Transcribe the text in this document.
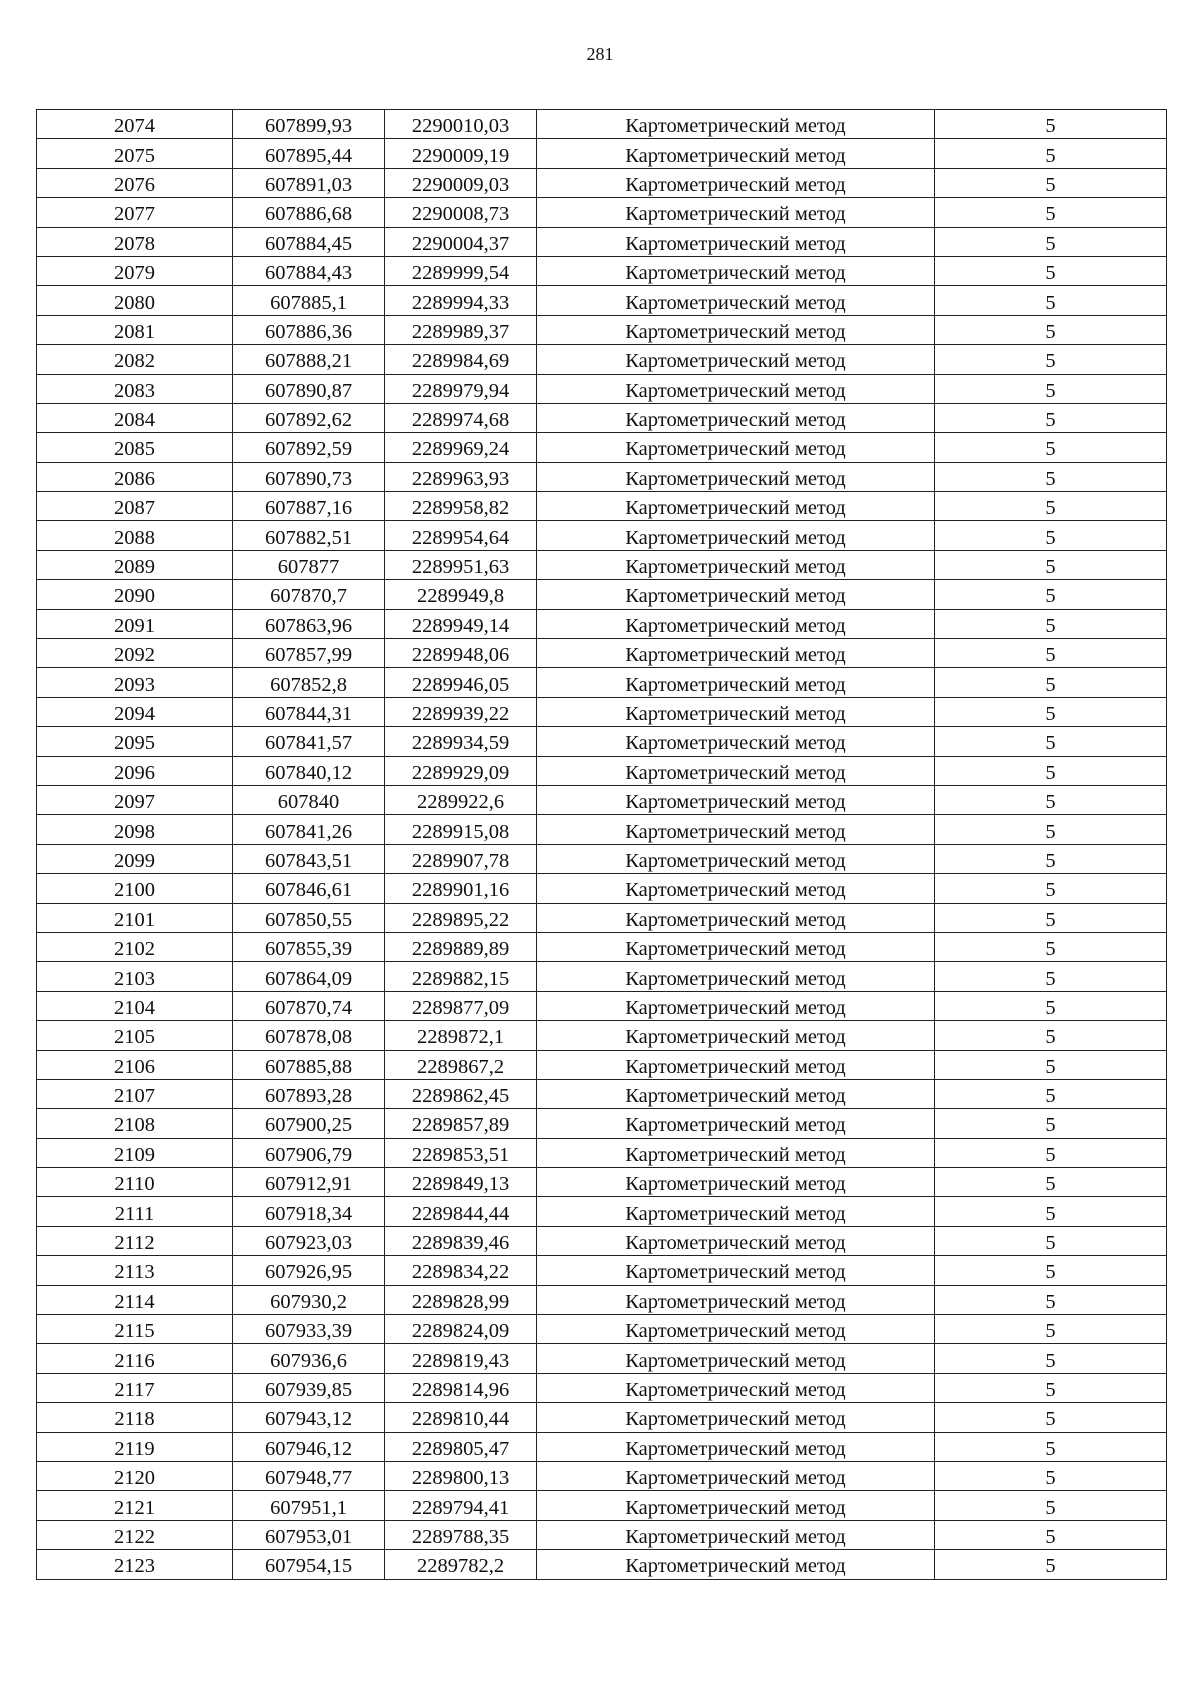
281
2074	607899,93	2290010,03	Картометрический метод	5
2075	607895,44	2290009,19	Картометрический метод	5
2076	607891,03	2290009,03	Картометрический метод	5
2077	607886,68	2290008,73	Картометрический метод	5
2078	607884,45	2290004,37	Картометрический метод	5
2079	607884,43	2289999,54	Картометрический метод	5
2080	607885,1	2289994,33	Картометрический метод	5
2081	607886,36	2289989,37	Картометрический метод	5
2082	607888,21	2289984,69	Картометрический метод	5
2083	607890,87	2289979,94	Картометрический метод	5
2084	607892,62	2289974,68	Картометрический метод	5
2085	607892,59	2289969,24	Картометрический метод	5
2086	607890,73	2289963,93	Картометрический метод	5
2087	607887,16	2289958,82	Картометрический метод	5
2088	607882,51	2289954,64	Картометрический метод	5
2089	607877	2289951,63	Картометрический метод	5
2090	607870,7	2289949,8	Картометрический метод	5
2091	607863,96	2289949,14	Картометрический метод	5
2092	607857,99	2289948,06	Картометрический метод	5
2093	607852,8	2289946,05	Картометрический метод	5
2094	607844,31	2289939,22	Картометрический метод	5
2095	607841,57	2289934,59	Картометрический метод	5
2096	607840,12	2289929,09	Картометрический метод	5
2097	607840	2289922,6	Картометрический метод	5
2098	607841,26	2289915,08	Картометрический метод	5
2099	607843,51	2289907,78	Картометрический метод	5
2100	607846,61	2289901,16	Картометрический метод	5
2101	607850,55	2289895,22	Картометрический метод	5
2102	607855,39	2289889,89	Картометрический метод	5
2103	607864,09	2289882,15	Картометрический метод	5
2104	607870,74	2289877,09	Картометрический метод	5
2105	607878,08	2289872,1	Картометрический метод	5
2106	607885,88	2289867,2	Картометрический метод	5
2107	607893,28	2289862,45	Картометрический метод	5
2108	607900,25	2289857,89	Картометрический метод	5
2109	607906,79	2289853,51	Картометрический метод	5
2110	607912,91	2289849,13	Картометрический метод	5
2111	607918,34	2289844,44	Картометрический метод	5
2112	607923,03	2289839,46	Картометрический метод	5
2113	607926,95	2289834,22	Картометрический метод	5
2114	607930,2	2289828,99	Картометрический метод	5
2115	607933,39	2289824,09	Картометрический метод	5
2116	607936,6	2289819,43	Картометрический метод	5
2117	607939,85	2289814,96	Картометрический метод	5
2118	607943,12	2289810,44	Картометрический метод	5
2119	607946,12	2289805,47	Картометрический метод	5
2120	607948,77	2289800,13	Картометрический метод	5
2121	607951,1	2289794,41	Картометрический метод	5
2122	607953,01	2289788,35	Картометрический метод	5
2123	607954,15	2289782,2	Картометрический метод	5
